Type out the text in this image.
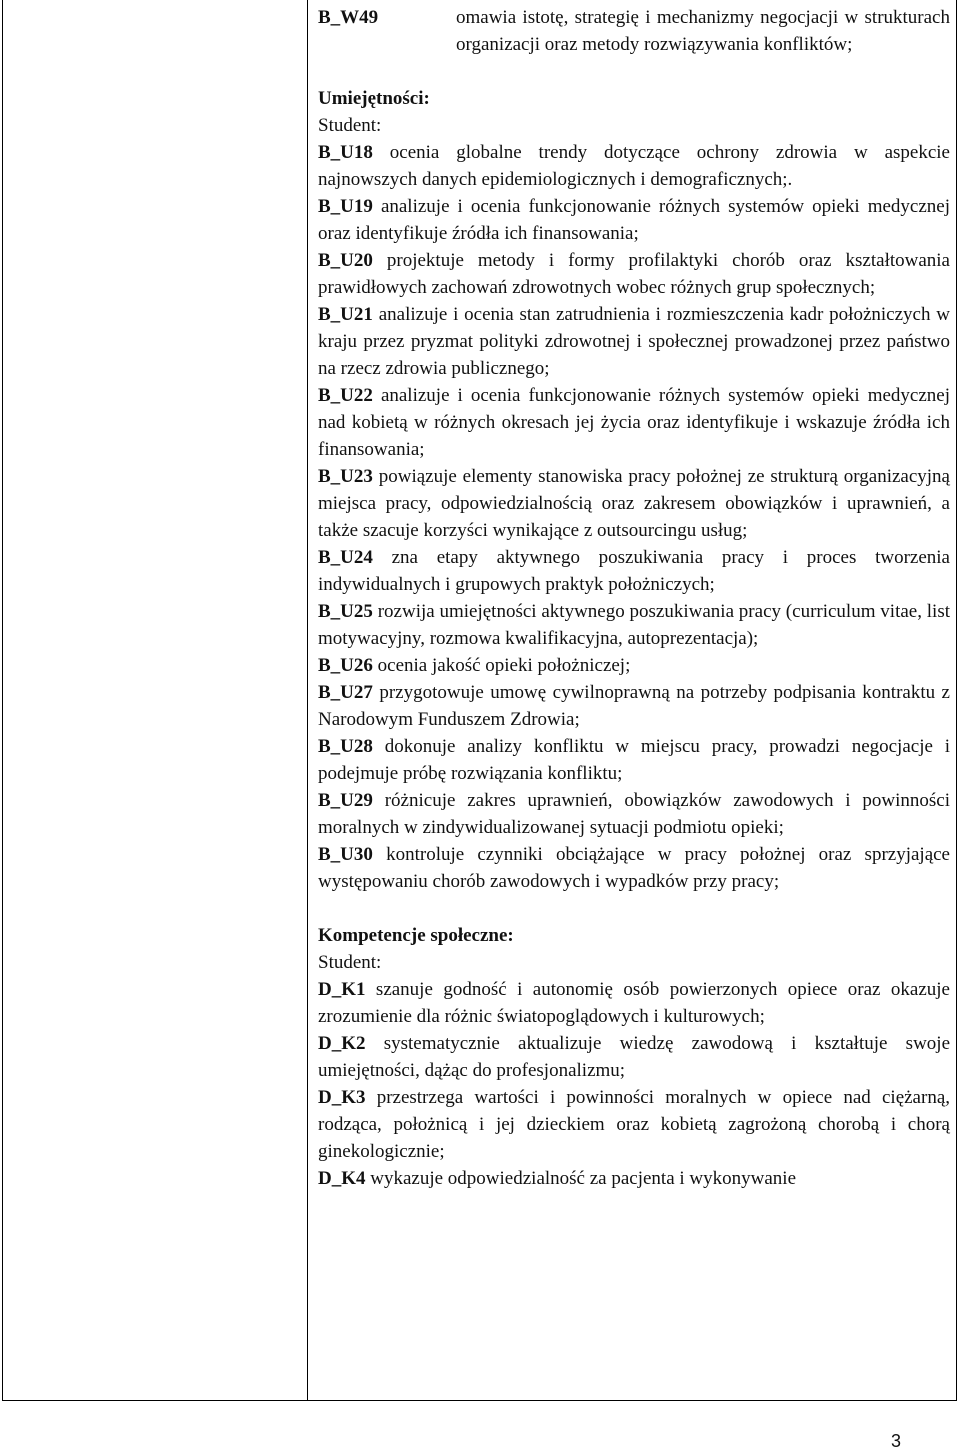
B_W49	omawia istotę, strategię i mechanizmy negocjacji w strukturach organizacji oraz metody rozwiązywania konfliktów;

Umiejętności:

Student:

B_U18 ocenia globalne trendy dotyczące ochrony zdrowia w aspekcie najnowszych danych epidemiologicznych i demograficznych;.

B_U19 analizuje i ocenia funkcjonowanie różnych systemów opieki medycznej oraz identyfikuje źródła ich finansowania;

B_U20 projektuje metody i formy profilaktyki chorób oraz kształtowania prawidłowych zachowań zdrowotnych wobec różnych grup społecznych;

B_U21 analizuje i ocenia stan zatrudnienia i rozmieszczenia kadr położniczych w kraju przez pryzmat polityki zdrowotnej i społecznej prowadzonej przez państwo na rzecz zdrowia publicznego;

B_U22 analizuje i ocenia funkcjonowanie różnych systemów opieki medycznej nad kobietą w różnych okresach jej życia oraz identyfikuje i wskazuje źródła ich finansowania;

B_U23 powiązuje elementy stanowiska pracy położnej ze strukturą organizacyjną miejsca pracy, odpowiedzialnością oraz zakresem obowiązków i uprawnień, a także szacuje korzyści wynikające z outsourcingu usług;

B_U24 zna etapy aktywnego poszukiwania pracy i proces tworzenia indywidualnych i grupowych praktyk położniczych;

B_U25 rozwija umiejętności aktywnego poszukiwania pracy (curriculum vitae, list motywacyjny, rozmowa kwalifikacyjna, autoprezentacja);

B_U26 ocenia jakość opieki położniczej;

B_U27 przygotowuje umowę cywilnoprawną na potrzeby podpisania kontraktu z Narodowym Funduszem Zdrowia;

B_U28 dokonuje analizy konfliktu w miejscu pracy, prowadzi negocjacje i podejmuje próbę rozwiązania konfliktu;

B_U29 różnicuje zakres uprawnień, obowiązków zawodowych i powinności moralnych w zindywidualizowanej sytuacji podmiotu opieki;

B_U30 kontroluje czynniki obciążające w pracy położnej oraz sprzyjające występowaniu chorób zawodowych i wypadków przy pracy;

Kompetencje społeczne:

Student:

D_K1 szanuje godność i autonomię osób powierzonych opiece oraz okazuje zrozumienie dla różnic światopoglądowych i kulturowych;

D_K2 systematycznie aktualizuje wiedzę zawodową i kształtuje swoje umiejętności, dążąc do profesjonalizmu;

D_K3 przestrzega wartości i powinności moralnych w opiece nad ciężarną, rodząca, położnicą i jej dzieckiem oraz kobietą zagrożoną chorobą i chorą ginekologicznie;

D_K4 wykazuje odpowiedzialność za pacjenta i wykonywanie

3
